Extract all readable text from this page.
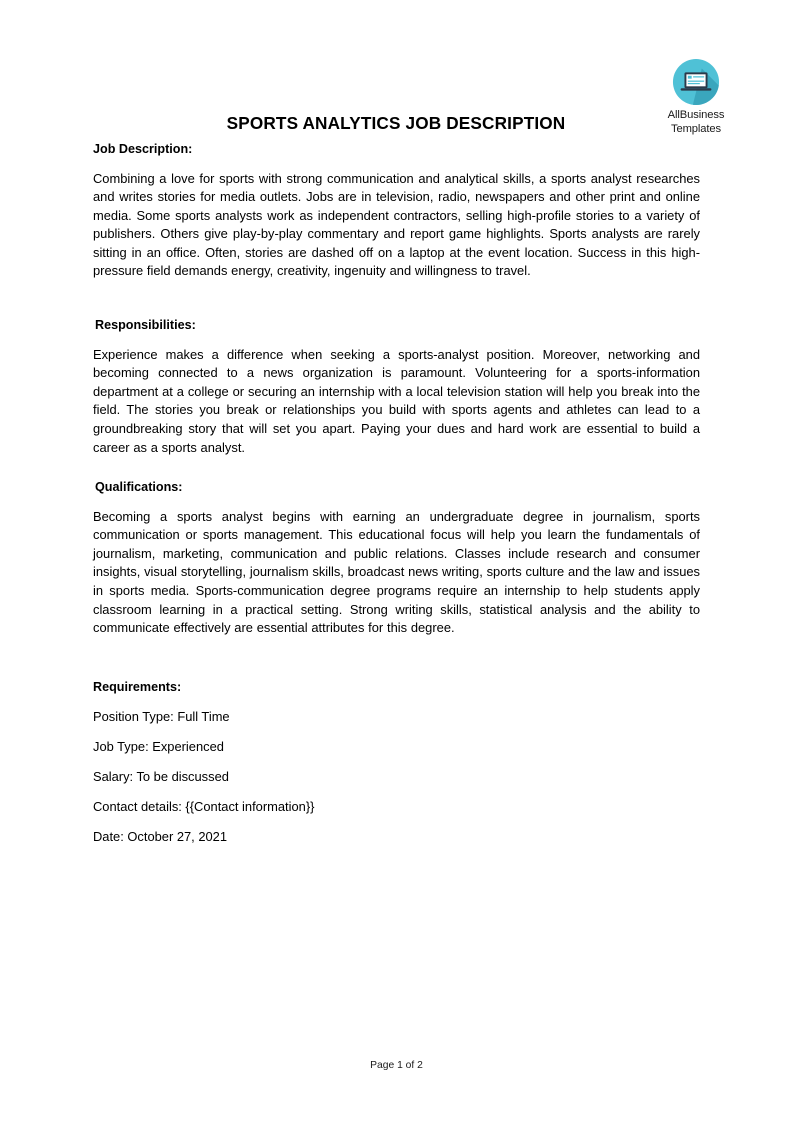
AllBusiness
Templates
SPORTS ANALYTICS JOB DESCRIPTION
Job Description:

Combining a love for sports with strong communication and analytical skills, a sports analyst researches and writes stories for media outlets. Jobs are in television, radio, newspapers and other print and online media. Some sports analysts work as independent contractors, selling high-profile stories to a variety of publishers. Others give play-by-play commentary and report game highlights. Sports analysts are rarely sitting in an office. Often, stories are dashed off on a laptop at the event location. Success in this high-pressure field demands energy, creativity, ingenuity and willingness to travel.

Responsibilities:

Experience makes a difference when seeking a sports-analyst position. Moreover, networking and becoming connected to a news organization is paramount. Volunteering for a sports-information department at a college or securing an internship with a local television station will help you break into the field. The stories you break or relationships you build with sports agents and athletes can lead to a groundbreaking story that will set you apart. Paying your dues and hard work are essential to build a career as a sports analyst.

Qualifications:

Becoming a sports analyst begins with earning an undergraduate degree in journalism, sports communication or sports management. This educational focus will help you learn the fundamentals of journalism, marketing, communication and public relations. Classes include research and consumer insights, visual storytelling, journalism skills, broadcast news writing, sports culture and the law and issues in sports media. Sports-communication degree programs require an internship to help students apply classroom learning in a practical setting. Strong writing skills, statistical analysis and the ability to communicate effectively are essential attributes for this degree.

Requirements:

Position Type: Full Time

Job Type: Experienced

Salary: To be discussed

Contact details: {{Contact information}}

Date: October 27, 2021

Page 1 of 2
